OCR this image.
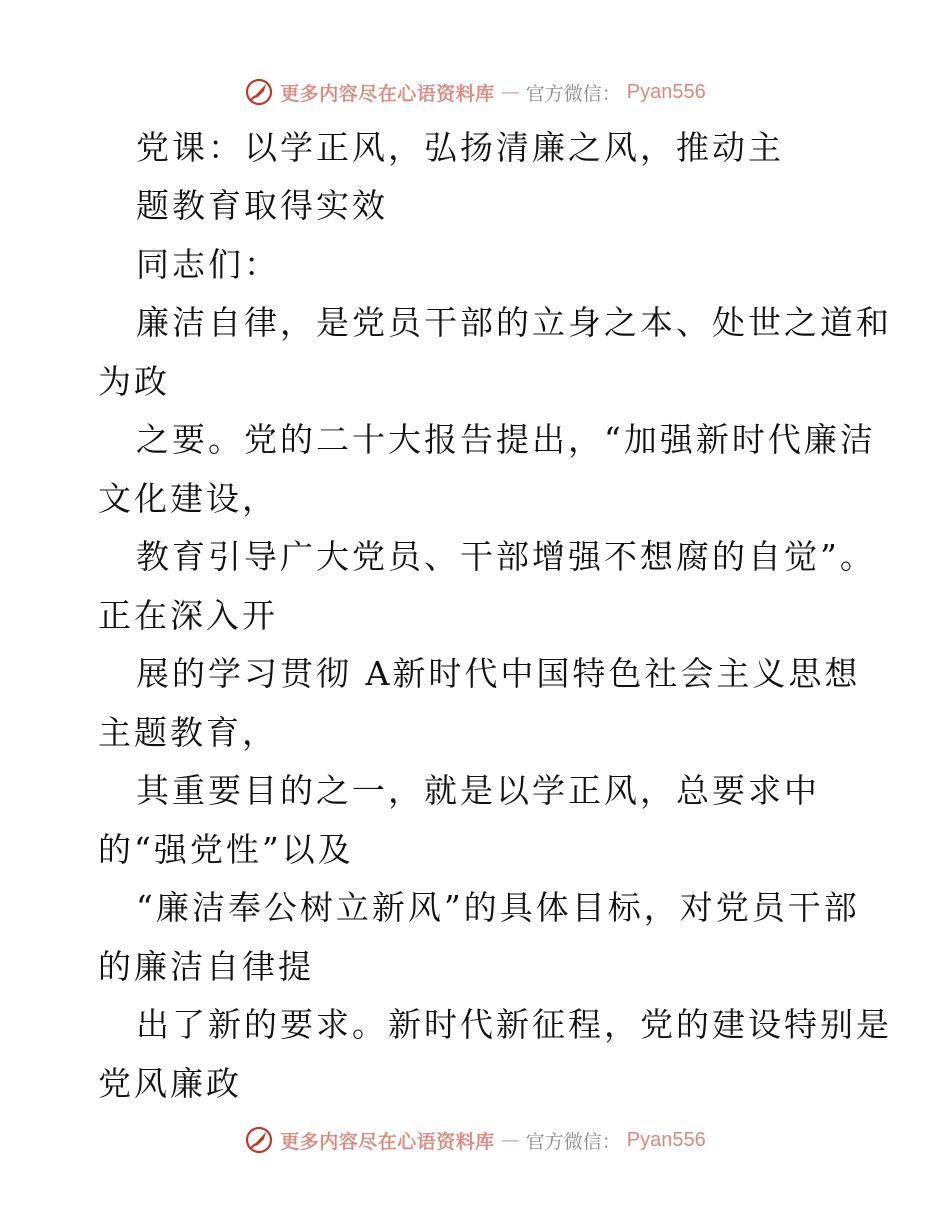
更多内容尽在心语资料库 — 官方微信： Pyan556
党课：以学正风，弘扬清廉之风，推动主
题教育取得实效
同志们：
廉洁自律，是党员干部的立身之本、处世之道和
为政
之要。党的二十大报告提出，“加强新时代廉洁
文化建设，
教育引导广大党员、干部增强不想腐的自觉”。
正在深入开
展的学习贯彻 A新时代中国特色社会主义思想
主题教育，
其重要目的之一，就是以学正风，总要求中
的“强党性”以及
“廉洁奉公树立新风”的具体目标，对党员干部
的廉洁自律提
出了新的要求。新时代新征程，党的建设特别是
党风廉政
更多内容尽在心语资料库 — 官方微信： Pyan556
